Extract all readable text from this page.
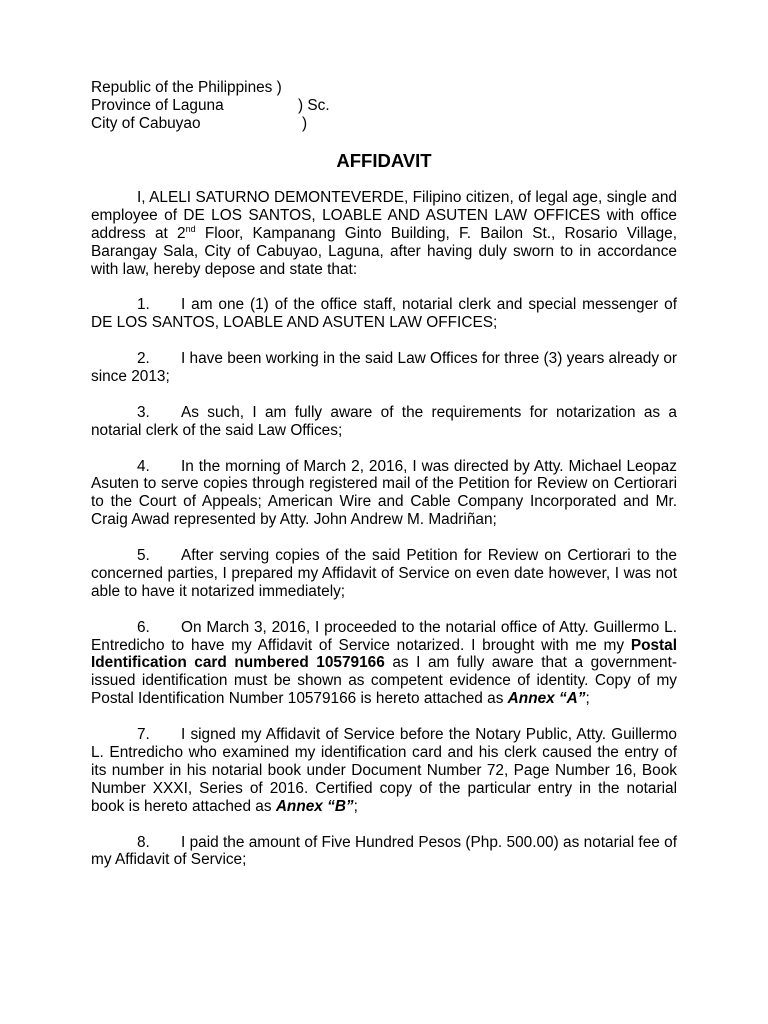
Republic of the Philippines )
Province of Laguna	) Sc.
City of Cabuyao	)
AFFIDAVIT

I, ALELI SATURNO DEMONTEVERDE, Filipino citizen, of legal age, single and employee of DE LOS SANTOS, LOABLE AND ASUTEN LAW OFFICES with office address at 2nd Floor, Kampanang Ginto Building, F. Bailon St., Rosario Village, Barangay Sala, City of Cabuyao, Laguna, after having duly sworn to in accordance with law, hereby depose and state that:

1. I am one (1) of the office staff, notarial clerk and special messenger of DE LOS SANTOS, LOABLE AND ASUTEN LAW OFFICES;

2. I have been working in the said Law Offices for three (3) years already or since 2013;

3. As such, I am fully aware of the requirements for notarization as a notarial clerk of the said Law Offices;

4. In the morning of March 2, 2016, I was directed by Atty. Michael Leopaz Asuten to serve copies through registered mail of the Petition for Review on Certiorari to the Court of Appeals; American Wire and Cable Company Incorporated and Mr. Craig Awad represented by Atty. John Andrew M. Madriñan;

5. After serving copies of the said Petition for Review on Certiorari to the concerned parties, I prepared my Affidavit of Service on even date however, I was not able to have it notarized immediately;

6. On March 3, 2016, I proceeded to the notarial office of Atty. Guillermo L. Entredicho to have my Affidavit of Service notarized. I brought with me my Postal Identification card numbered 10579166 as I am fully aware that a government-issued identification must be shown as competent evidence of identity. Copy of my Postal Identification Number 10579166 is hereto attached as Annex “A”;

7. I signed my Affidavit of Service before the Notary Public, Atty. Guillermo L. Entredicho who examined my identification card and his clerk caused the entry of its number in his notarial book under Document Number 72, Page Number 16, Book Number XXXI, Series of 2016. Certified copy of the particular entry in the notarial book is hereto attached as Annex “B”;

8. I paid the amount of Five Hundred Pesos (Php. 500.00) as notarial fee of my Affidavit of Service;
